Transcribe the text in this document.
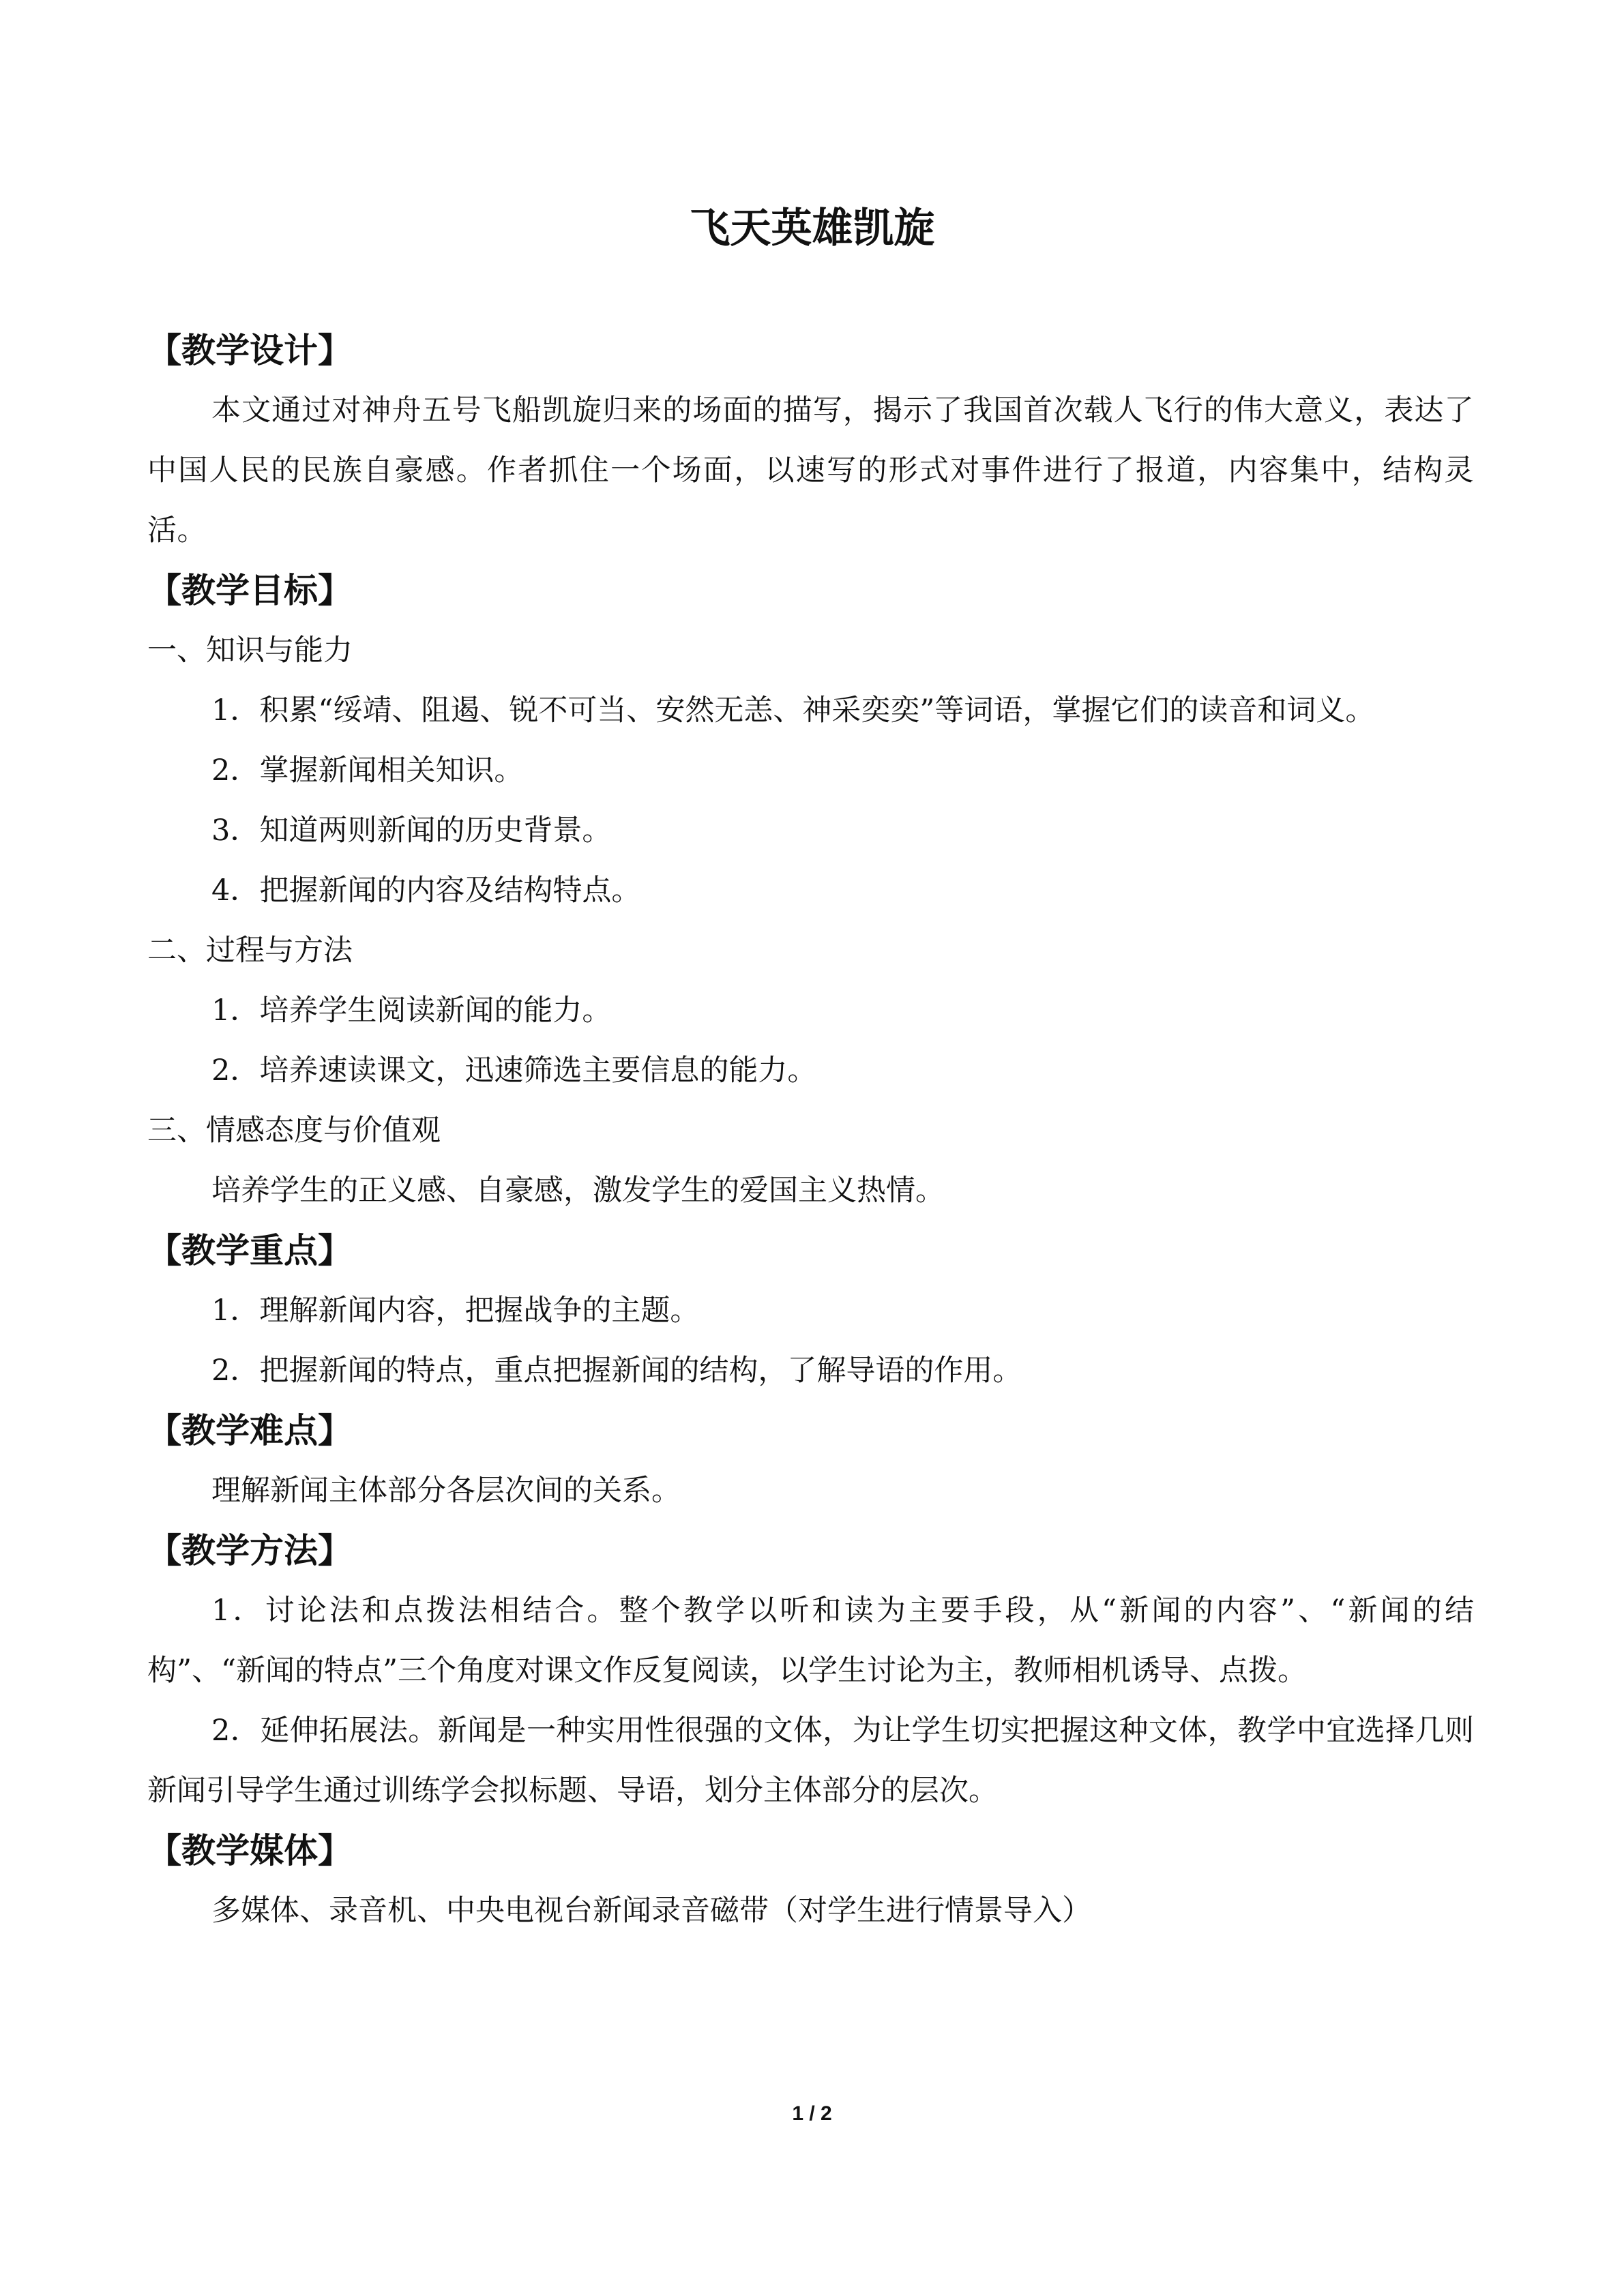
飞天英雄凯旋
【教学设计】

本文通过对神舟五号飞船凯旋归来的场面的描写，揭示了我国首次载人飞行的伟大意义，表达了中国人民的民族自豪感。作者抓住一个场面，以速写的形式对事件进行了报道，内容集中，结构灵活。

【教学目标】

一、知识与能力

1．积累“绥靖、阻遏、锐不可当、安然无恙、神采奕奕”等词语，掌握它们的读音和词义。

2．掌握新闻相关知识。

3．知道两则新闻的历史背景。

4．把握新闻的内容及结构特点。

二、过程与方法

1．培养学生阅读新闻的能力。

2．培养速读课文，迅速筛选主要信息的能力。

三、情感态度与价值观

培养学生的正义感、自豪感，激发学生的爱国主义热情。

【教学重点】

1．理解新闻内容，把握战争的主题。

2．把握新闻的特点，重点把握新闻的结构，了解导语的作用。

【教学难点】

理解新闻主体部分各层次间的关系。

【教学方法】

1．讨论法和点拨法相结合。整个教学以听和读为主要手段，从“新闻的内容”、“新闻的结构”、“新闻的特点”三个角度对课文作反复阅读，以学生讨论为主，教师相机诱导、点拨。

2．延伸拓展法。新闻是一种实用性很强的文体，为让学生切实把握这种文体，教学中宜选择几则新闻引导学生通过训练学会拟标题、导语，划分主体部分的层次。

【教学媒体】

多媒体、录音机、中央电视台新闻录音磁带（对学生进行情景导入）

1 / 2
